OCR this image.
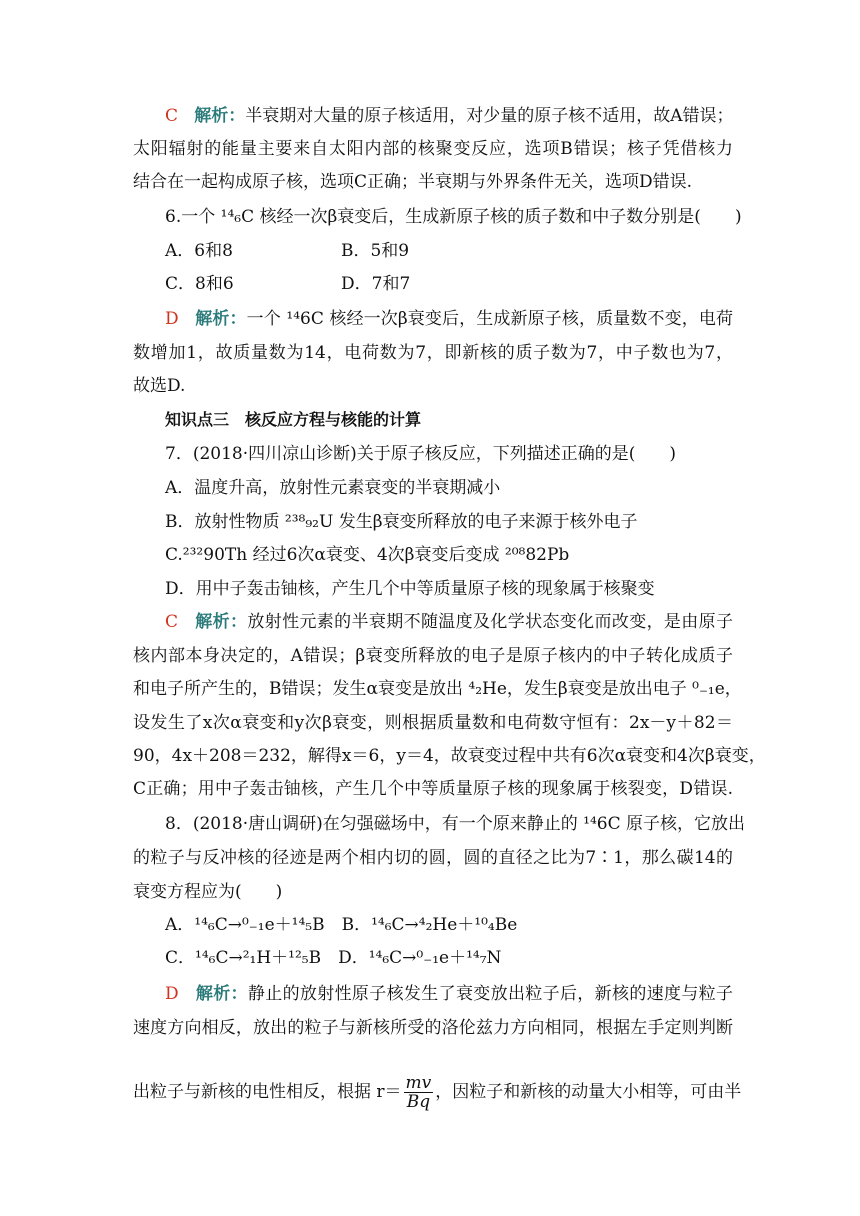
C 解析：半衰期对大量的原子核适用，对少量的原子核不适用，故A错误；
太阳辐射的能量主要来自太阳内部的核聚变反应，选项B错误；核子凭借核力
结合在一起构成原子核，选项C正确；半衰期与外界条件无关，选项D错误.
6.一个 ¹⁴₆C 核经一次β衰变后，生成新原子核的质子数和中子数分别是(　　)
A．6和8	B．5和9
C．8和6	D．7和7
D 解析：一个 ¹⁴6C 核经一次β衰变后，生成新原子核，质量数不变，电荷
数增加1，故质量数为14，电荷数为7，即新核的质子数为7，中子数也为7，
故选D.
知识点三　核反应方程与核能的计算
7．(2018·四川凉山诊断)关于原子核反应，下列描述正确的是(　　)
A．温度升高，放射性元素衰变的半衰期减小
B．放射性物质 ²³⁸₉₂U 发生β衰变所释放的电子来源于核外电子
C.²³²90Th 经过6次α衰变、4次β衰变后变成 ²⁰⁸82Pb
D．用中子轰击铀核，产生几个中等质量原子核的现象属于核聚变
C 解析：放射性元素的半衰期不随温度及化学状态变化而改变，是由原子
核内部本身决定的，A错误；β衰变所释放的电子是原子核内的中子转化成质子
和电子所产生的，B错误；发生α衰变是放出 ⁴₂He，发生β衰变是放出电子 ⁰₋₁e，
设发生了x次α衰变和y次β衰变，则根据质量数和电荷数守恒有：2x－y＋82＝
90，4x＋208＝232，解得x＝6，y＝4，故衰变过程中共有6次α衰变和4次β衰变，
C正确；用中子轰击铀核，产生几个中等质量原子核的现象属于核裂变，D错误.
8．(2018·唐山调研)在匀强磁场中，有一个原来静止的 ¹⁴6C 原子核，它放出
的粒子与反冲核的径迹是两个相内切的圆，圆的直径之比为7∶1，那么碳14的
衰变方程应为(　　)
A．¹⁴₆C→⁰₋₁e＋¹⁴₅B　B．¹⁴₆C→⁴₂He＋¹⁰₄Be
C．¹⁴₆C→²₁H＋¹²₅B　D．¹⁴₆C→⁰₋₁e＋¹⁴₇N
D 解析：静止的放射性原子核发生了衰变放出粒子后，新核的速度与粒子
速度方向相反，放出的粒子与新核所受的洛伦兹力方向相同，根据左手定则判断
出粒子与新核的电性相反，根据 $r= \frac{mv}{Bq}$ ，因粒子和新核的动量大小相等，可由半
